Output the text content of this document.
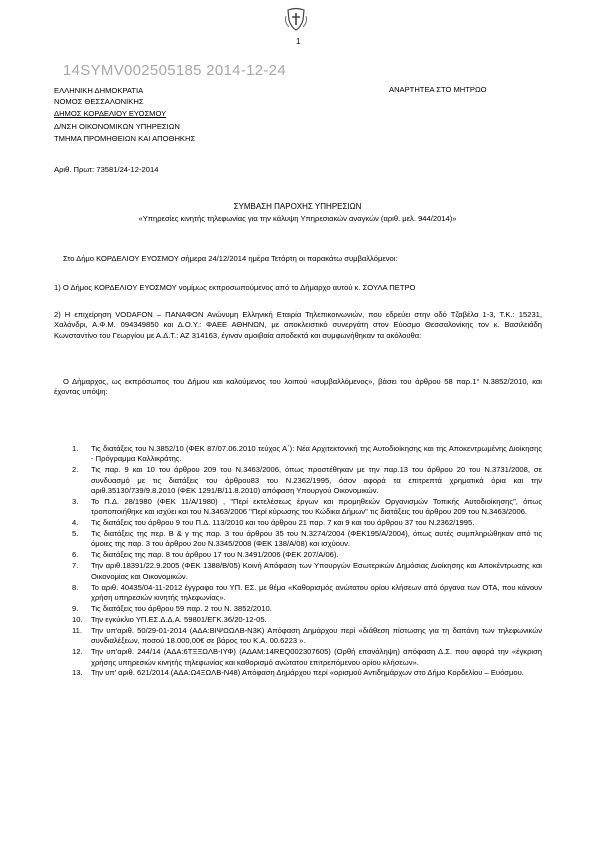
1
14SYMV002505185 2014-12-24
ΕΛΛΗΝΙΚΗ ΔΗΜΟΚΡΑΤΙΑ
ΝΟΜΟΣ ΘΕΣΣΑΛΟΝΙΚΗΣ
ΔΗΜΟΣ ΚΟΡΔΕΛΙΟΥ ΕΥΟΣΜΟΥ
Δ/ΝΣΗ ΟΙΚΟΝΟΜΙΚΩΝ ΥΠΗΡΕΣΙΩΝ
ΤΜΗΜΑ ΠΡΟΜΗΘΕΙΩΝ ΚΑΙ ΑΠΟΘΗΚΗΣ
ΑΝΑΡΤΗΤΕΑ ΣΤΟ ΜΗΤΡΩΟ
Αριθ. Πρωτ: 73581/24-12-2014
ΣΥΜΒΑΣΗ ΠΑΡΟΧΗΣ ΥΠΗΡΕΣΙΩΝ
«Υπηρεσίες κινητής τηλεφωνίας για την κάλυψη Υπηρεσιακών αναγκών (αριθ. μελ. 944/2014)»
Στο Δήμο ΚΟΡΔΕΛΙΟΥ ΕΥΟΣΜΟΥ σήμερα 24/12/2014 ημέρα Τετάρτη οι παρακάτω συμβαλλόμενοι:
1) Ο Δήμος ΚΟΡΔΕΛΙΟΥ ΕΥΟΣΜΟΥ νομίμως εκπροσωπούμενος από το Δήμαρχο αυτού κ. ΣΟΥΛΑ ΠΕΤΡΟ
2) Η επιχείρηση VODAFON – ΠΑΝΑΦΟΝ Ανώνυμη Ελληνική Εταιρία Τηλεπικοινωνιών, που εδρεύει στην οδό Τζαβέλα 1-3, Τ.Κ.: 15231, Χαλάνδρι, Α.Φ.Μ. 094349850 και Δ.Ο.Υ.: ΦΑΕΕ ΑΘΗΝΩΝ, με αποκλειστικό συνεργάτη στον Εύοσμο Θεσσαλονίκης τον κ. Βασιλειάδη Κωνσταντίνο του Γεωργίου με Α.Δ.Τ.: ΑΖ 314163, έγιναν αμοιβαία αποδεκτά και συμφωνήθηκαν τα ακόλουθα:
Ο Δήμαρχος, ως εκπρόσωπος του Δήμου και καλούμενος του λοιπού «συμβαλλόμενος», βάσει του άρθρου 58 παρ.1° Ν.3852/2010, και έχοντας υπόψη:
1. Τις διατάξεις του Ν.3852/10 (ΦΕΚ 87/07.06.2010 τεύχος Α΄): Νέα Αρχιτεκτονική της Αυτοδιοίκησης και της Αποκεντρωμένης Διοίκησης - Πρόγραμμα Καλλικράτης.
2. Τις παρ. 9 και 10 του άρθρου 209 του Ν.3463/2006, όπως προστέθηκαν με την παρ.13 του άρθρου 20 του Ν.3731/2008, σε συνδυασμό με τις διατάξεις του άρθρου83 του Ν.2362/1995, όσον αφορά τα επιτρεπτά χρηματικά όρια και την αριθ.35130/739/9.8.2010 (ΦΕΚ 1291/Β/11.8.2010) απόφαση Υπουργού Οικονομικών.
3. Το Π.Δ. 28/1980 (ΦΕΚ 11/Α/1980) , "Περί εκτελέσεως έργων και προμηθειών Οργανισμών Τοπικής Αυτοδιοίκησης", όπως τροποποιήθηκε και ισχύει και του Ν.3463/2006 "Περί κύρωσης του Κώδικα Δήμων" τις διατάξεις του άρθρου 209 του Ν.3463/2006.
4. Τις διατάξεις του άρθρου 9 του Π.Δ. 113/2010 και του άρθρου 21 παρ. 7 και 9 και του άρθρου 37 του Ν.2362/1995.
5. Τις διατάξεις της περ. Β & γ της παρ. 3 του άρθρου 35 του Ν.3274/2004 (ΦΕΚ195/Α/2004), όπως αυτές συμπληρώθηκαν από τις όμοιες της παρ. 3 του άρθρου 2ου Ν.3345/2008 (ΦΕΚ 138/Α/08) και ισχύουν.
6. Τις διατάξεις της παρ. 8 του άρθρου 17 του Ν.3491/2006 (ΦΕΚ 207/Α/06).
7. Την αριθ.18391/22.9.2005 (ΦΕΚ 1388/Β/05) Κοινή Απόφαση των Υπουργών Εσωτερικών Δημόσιας Διοίκησης και Αποκέντρωσης και Οικονομίας και Οικονομικών.
8. Το αριθ. 40435/04-11-2012 έγγραφο του ΥΠ. ΕΣ. με θέμα «Καθορισμός ανώτατου ορίου κλήσεων από όργανα των ΟΤΑ, που κάνουν χρήση υπηρεσιών κινητής τηλεφωνίας».
9. Τις διατάξεις του άρθρου 59 παρ. 2 του Ν. 3852/2010.
10. Την εγκύκλιο ΥΠ.ΕΣ.Δ.Δ.Α. 59801/ΕΓΚ.36/20-12-05.
11. Την υπ'αριθ. 50/29-01-2014 (ΑΔΑ:ΒΙΨΩΩΛΒ-Ν3Κ) Απόφαση Δημάρχου περί «διάθεση πίστωσης για τη δαπάνη των τηλεφωνικών συνδιαλέξεων, ποσού 18.000,00€ σε βάρος του Κ.Α. 00.6223 ».
12. Την υπ'αριθ. 244/14 (ΑΔΑ:6ΤΞΞΩΛΒ-ΙΥΦ) (ΑΔΑΜ:14REQ002307605) (Ορθή επανάληψη) απόφαση Δ.Σ. που αφορά την «έγκριση χρήσης υπηρεσιών κινητής τηλεφωνίας και καθορισμό ανώτατου επιτρεπόμενου ορίου κλήσεων».
13. Την υπ' αριθ. 621/2014 (ΑΔΑ:Ω4ΞΩΛΒ-Ν48) Απόφαση Δημάρχου περί «ορισμού Αντιδημάρχων στο Δήμο Κορδελίου – Ευόσμου.
